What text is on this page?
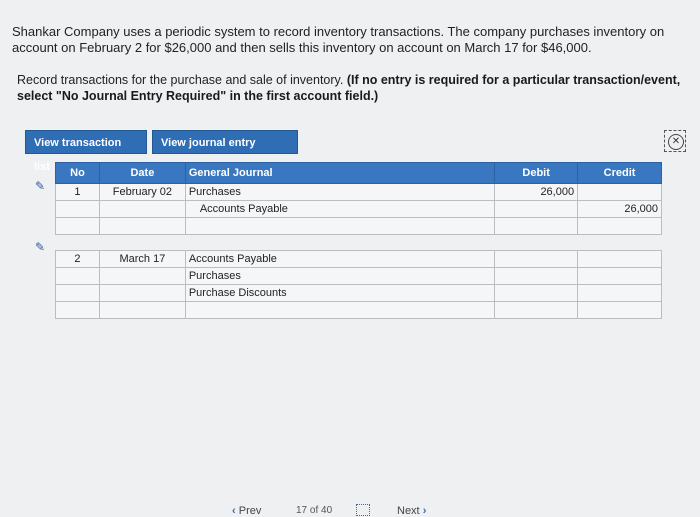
Shankar Company uses a periodic system to record inventory transactions. The company purchases inventory on account on February 2 for $26,000 and then sells this inventory on account on March 17 for $46,000.

Record transactions for the purchase and sale of inventory. (If no entry is required for a particular transaction/event, select "No Journal Entry Required" in the first account field.)
View transaction list
View journal entry	✕
✎
✎
No	Date	General Journal	Debit	Credit
1	February 02	Purchases	26,000	
		Accounts Payable		26,000

2	March 17	Accounts Payable		
		Purchases		
		Purchase Discounts		

‹ Prev	17 of 40	Next ›
